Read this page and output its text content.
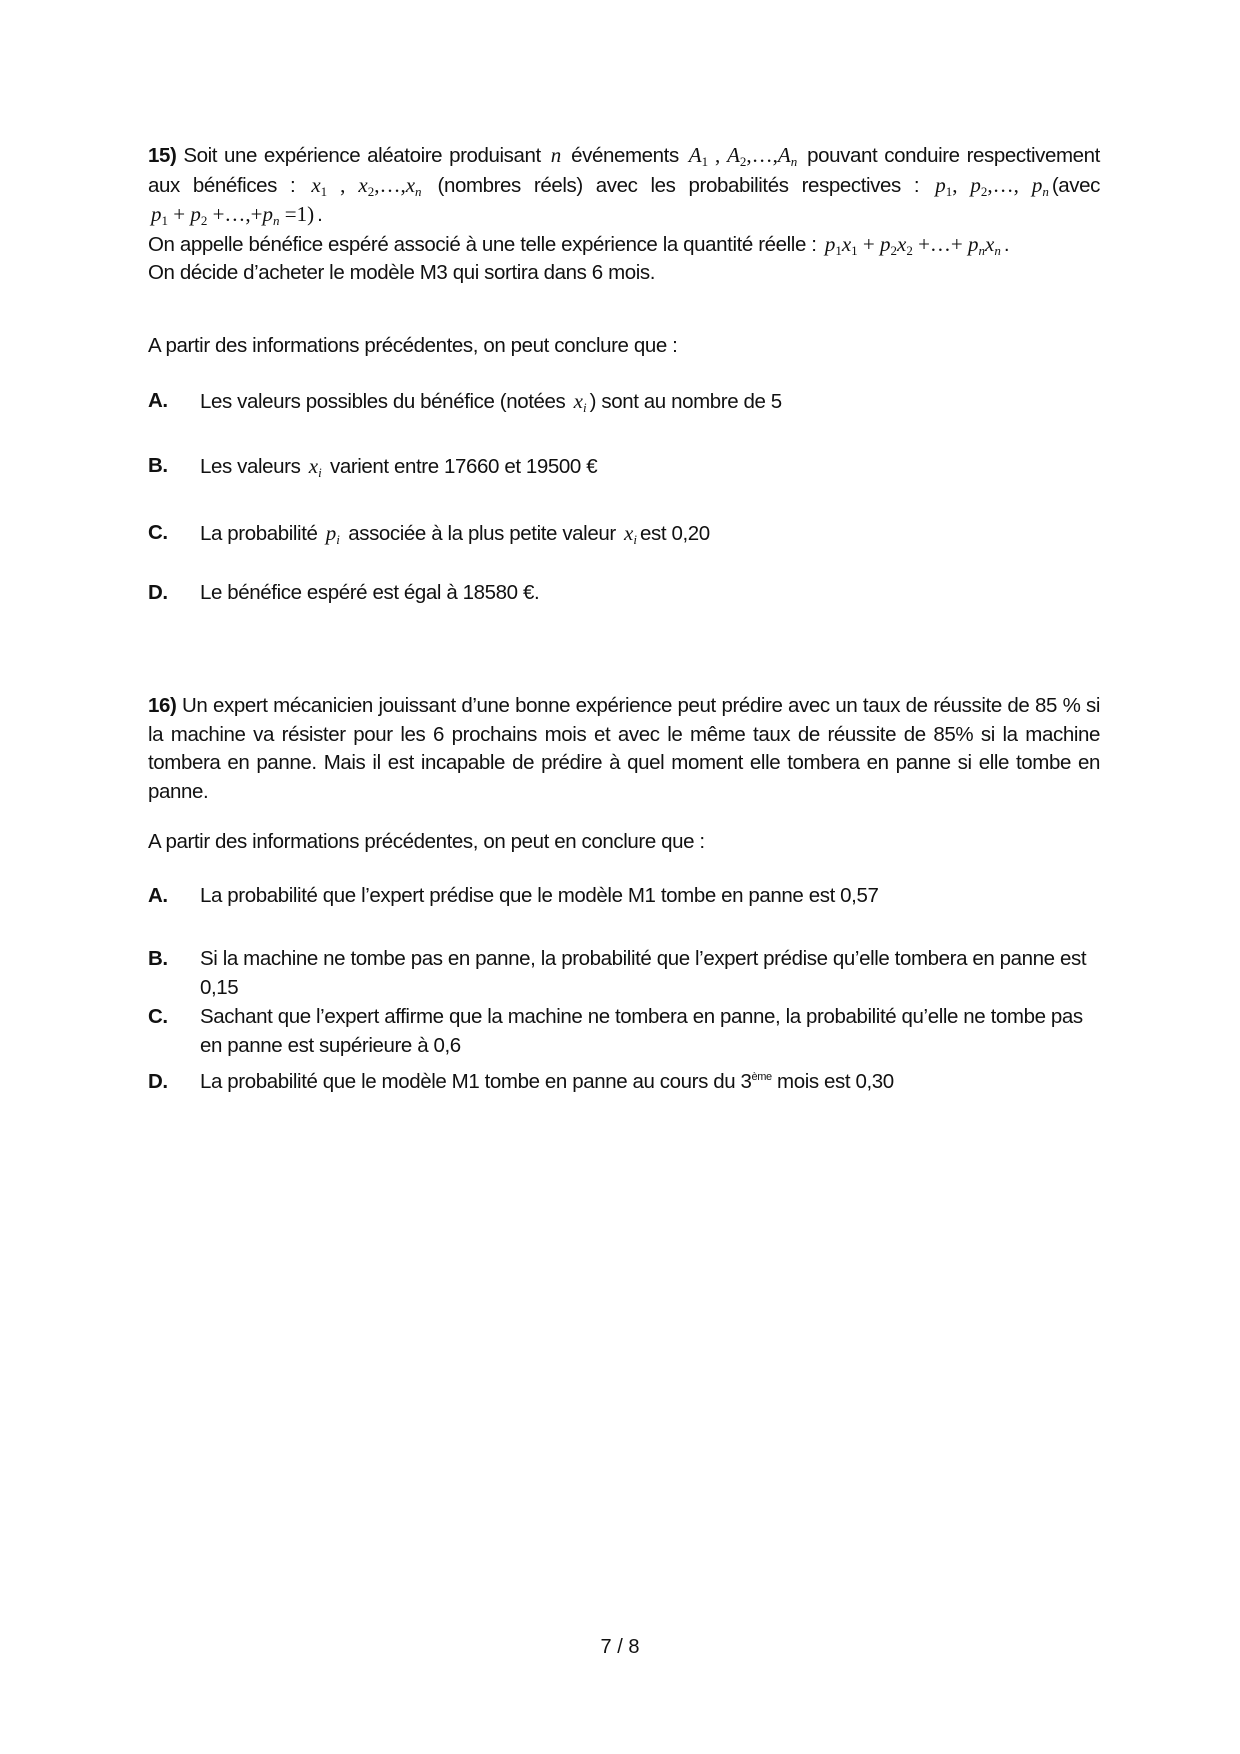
15) Soit une expérience aléatoire produisant n événements $A_1$ , $A_2,\dots,A_n$ pouvant conduire respectivement aux bénéfices : $x_1$ , $x_2,\dots,x_n$ (nombres réels) avec les probabilités respectives : $p_1$, $p_2,\dots$, $p_n$ (avec $p_1 + p_2$ $+\dots,+p_n =1$) .

On appelle bénéfice espéré associé à une telle expérience la quantité réelle : $p_1x_1 + p_2x_2$ +…+ $p_nx_n$ .

On décide d’acheter le modèle M3 qui sortira dans 6 mois.

A partir des informations précédentes, on peut conclure que :
A. Les valeurs possibles du bénéfice (notées $x_i$ ) sont au nombre de 5
B. Les valeurs $x_i$ varient entre 17660 et 19500 €
C. La probabilité $p_i$ associée à la plus petite valeur $x_i$ est 0,20
D. Le bénéfice espéré est égal à 18580 €.

16) Un expert mécanicien jouissant d’une bonne expérience peut prédire avec un taux de réussite de 85 % si la machine va résister pour les 6 prochains mois et avec le même taux de réussite de 85% si la machine tombera en panne. Mais il est incapable de prédire à quel moment elle tombera en panne si elle tombe en panne.

A partir des informations précédentes, on peut en conclure que :
A. La probabilité que l’expert prédise que le modèle M1 tombe en panne est 0,57
B. Si la machine ne tombe pas en panne, la probabilité que l’expert prédise qu’elle tombera en panne est 0,15
C. Sachant que l’expert affirme que la machine ne tombera en panne, la probabilité qu’elle ne tombe pas en panne est supérieure à 0,6
D. La probabilité que le modèle M1 tombe en panne au cours du 3ème mois est 0,30
7 / 8
